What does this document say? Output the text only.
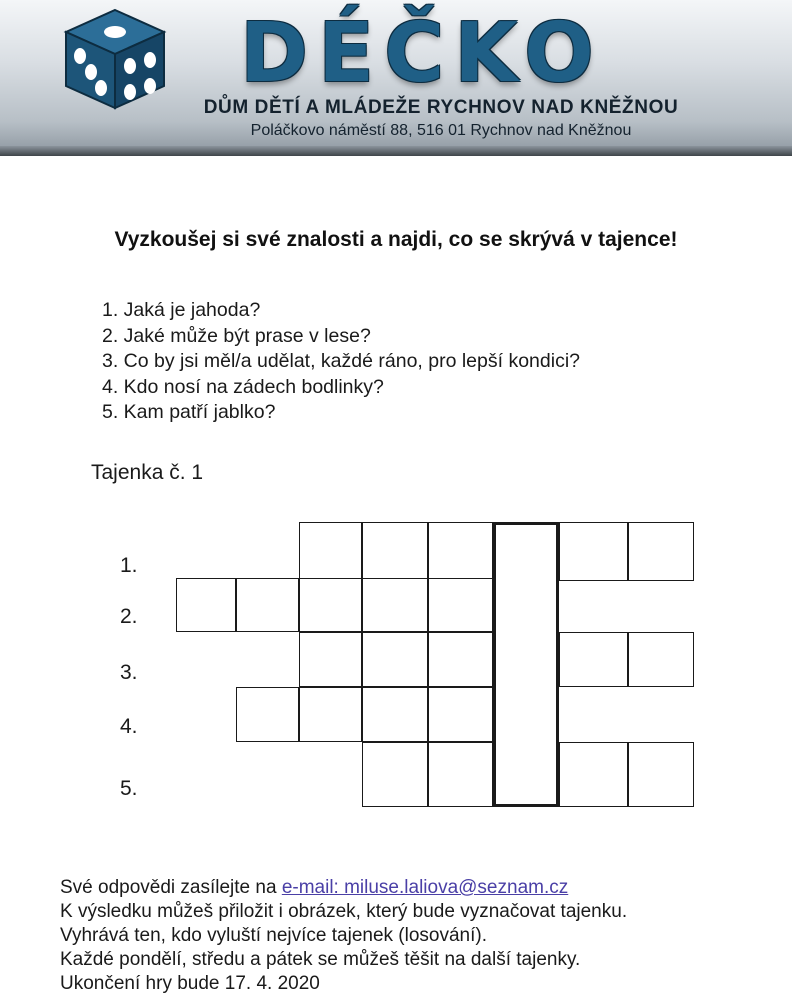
DÉČKO
DŮM DĚTÍ A MLÁDEŽE RYCHNOV NAD KNĚŽNOU
Poláčkovo náměstí 88, 516 01 Rychnov nad Kněžnou
Vyzkoušej si své znalosti a najdi, co se skrývá v tajence!
1. Jaká je jahoda?
2. Jaké může být prase v lese?
3. Co by jsi měl/a udělat, každé ráno, pro lepší kondici?
4. Kdo nosí na zádech bodlinky?
5. Kam patří jablko?
Tajenka č. 1
1.
2.
3.
4.
5.
Své odpovědi zasílejte na e-mail: miluse.laliova@seznam.cz
K výsledku můžeš přiložit i obrázek, který bude vyznačovat tajenku.
Vyhrává ten, kdo vyluští nejvíce tajenek (losování).
Každé pondělí, středu a pátek se můžeš těšit na další tajenky.
Ukončení hry bude 17. 4. 2020
